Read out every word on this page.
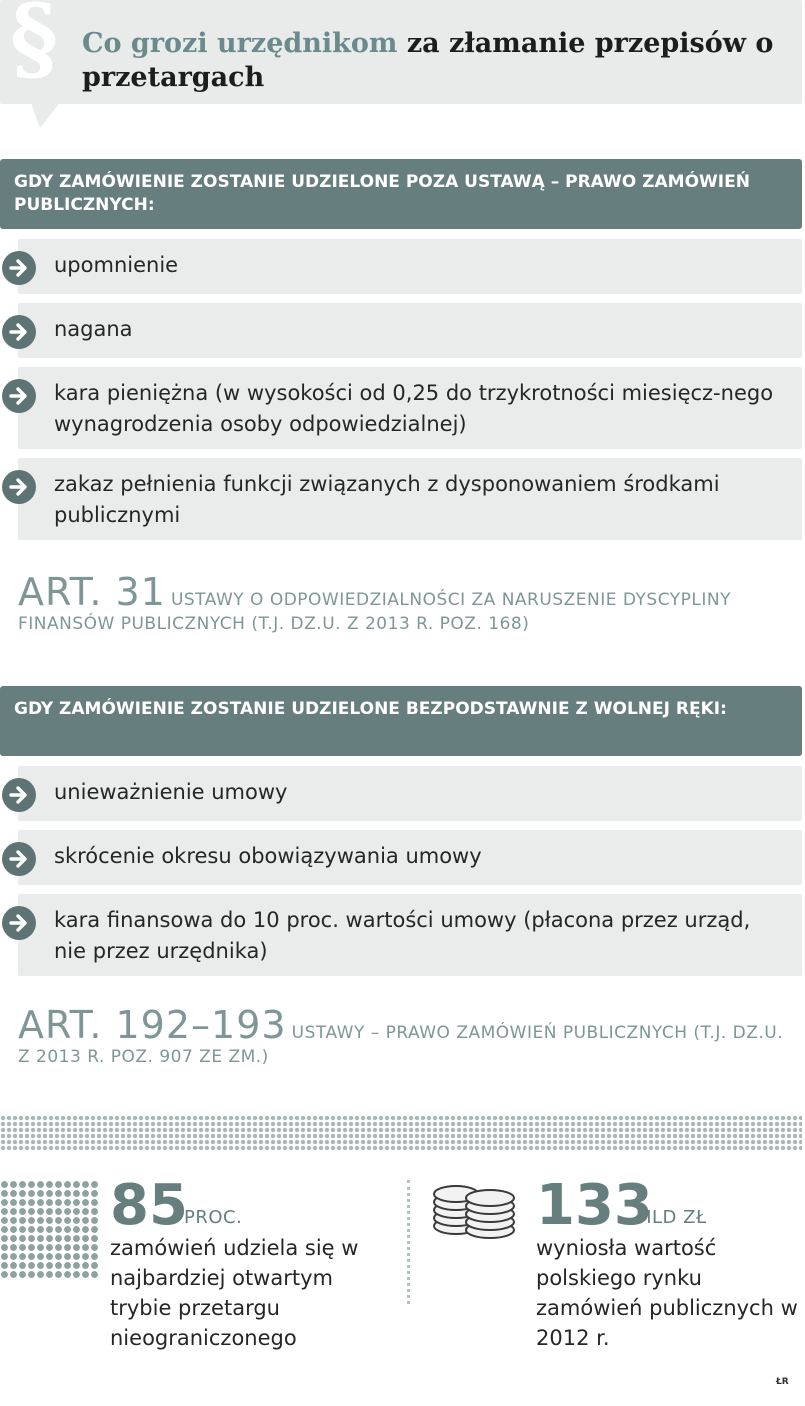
§ Co grozi urzędnikom za złamanie przepisów o przetargach
GDY ZAMÓWIENIE ZOSTANIE UDZIELONE POZA USTAWĄ – PRAWO ZAMÓWIEŃ PUBLICZNYCH:
upomnienie
nagana
kara pieniężna (w wysokości od 0,25 do trzykrotności miesięcz-nego wynagrodzenia osoby odpowiedzialnej)
zakaz pełnienia funkcji związanych z dysponowaniem środkami publicznymi
ART. 31 USTAWY O ODPOWIEDZIALNOŚCI ZA NARUSZENIE DYSCYPLINY FINANSÓW PUBLICZNYCH (T.J. DZ.U. Z 2013 R. POZ. 168)
GDY ZAMÓWIENIE ZOSTANIE UDZIELONE BEZPODSTAWNIE Z WOLNEJ RĘKI:
unieważnienie umowy
skrócenie okresu obowiązywania umowy
kara finansowa do 10 proc. wartości umowy (płacona przez urząd, nie przez urzędnika)
ART. 192–193 USTAWY – PRAWO ZAMÓWIEŃ PUBLICZNYCH (T.J. DZ.U. Z 2013 R. POZ. 907 ZE ZM.)
85
PROC.
zamówień udziela się w najbardziej otwartym trybie przetargu nieograniczonego
133
MLD ZŁ
wyniosła wartość polskiego rynku zamówień publicznych w 2012 r.
ŁR
